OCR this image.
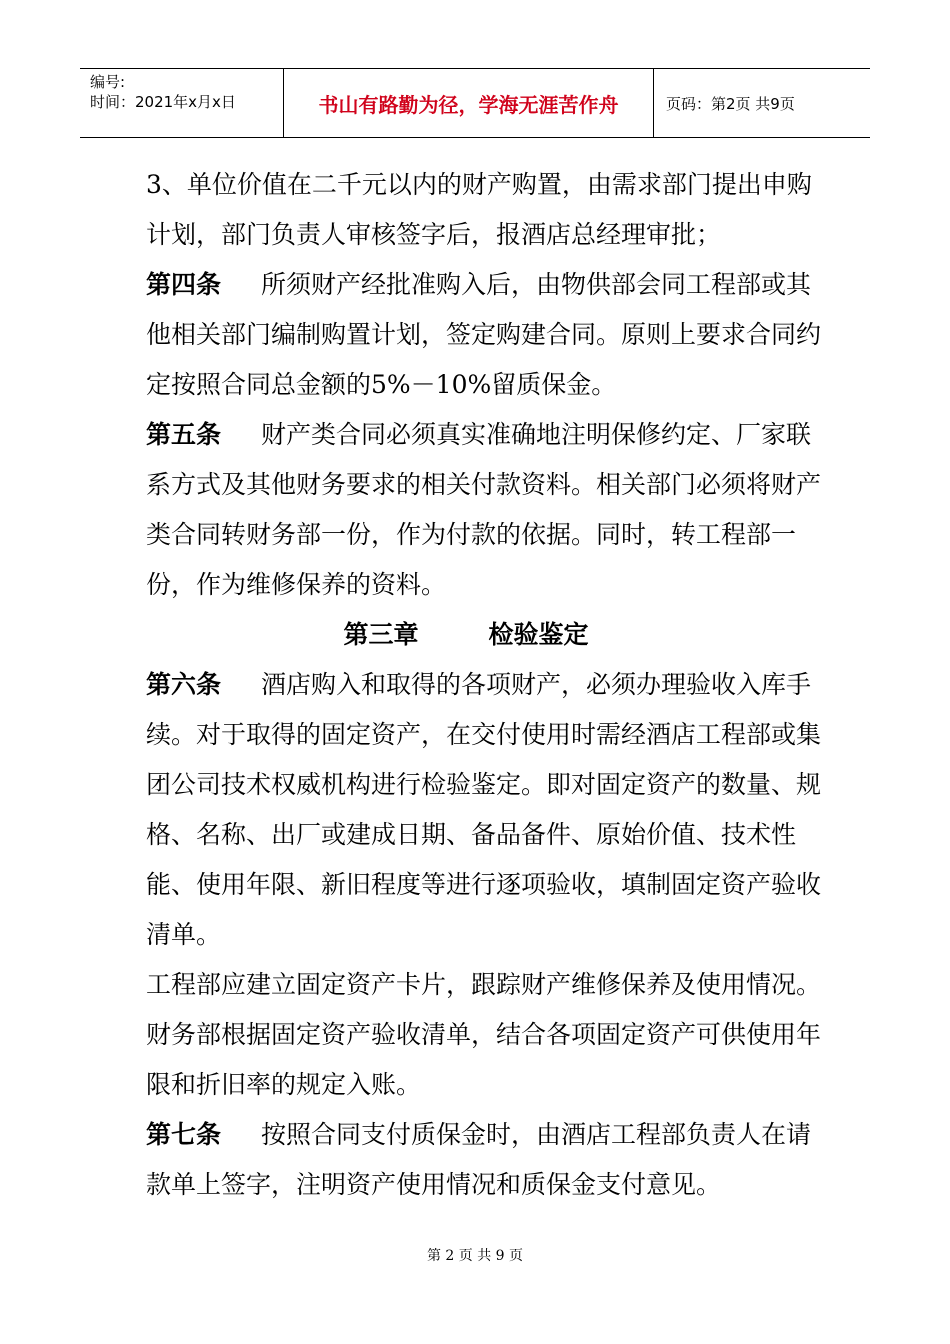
编号:
时间：2021年x月x日	书山有路勤为径，学海无涯苦作舟	页码：第2页 共9页

3、单位价值在二千元以内的财产购置，由需求部门提出申购计划，部门负责人审核签字后，报酒店总经理审批；

第四条 所须财产经批准购入后，由物供部会同工程部或其他相关部门编制购置计划，签定购建合同。原则上要求合同约定按照合同总金额的5%－10%留质保金。

第五条 财产类合同必须真实准确地注明保修约定、厂家联系方式及其他财务要求的相关付款资料。相关部门必须将财产类合同转财务部一份，作为付款的依据。同时，转工程部一份，作为维修保养的资料。

第三章	检验鉴定

第六条 酒店购入和取得的各项财产，必须办理验收入库手续。对于取得的固定资产，在交付使用时需经酒店工程部或集团公司技术权威机构进行检验鉴定。即对固定资产的数量、规格、名称、出厂或建成日期、备品备件、原始价值、技术性能、使用年限、新旧程度等进行逐项验收，填制固定资产验收清单。

工程部应建立固定资产卡片，跟踪财产维修保养及使用情况。财务部根据固定资产验收清单，结合各项固定资产可供使用年限和折旧率的规定入账。

第七条 按照合同支付质保金时，由酒店工程部负责人在请款单上签字，注明资产使用情况和质保金支付意见。

第 2 页 共 9 页
